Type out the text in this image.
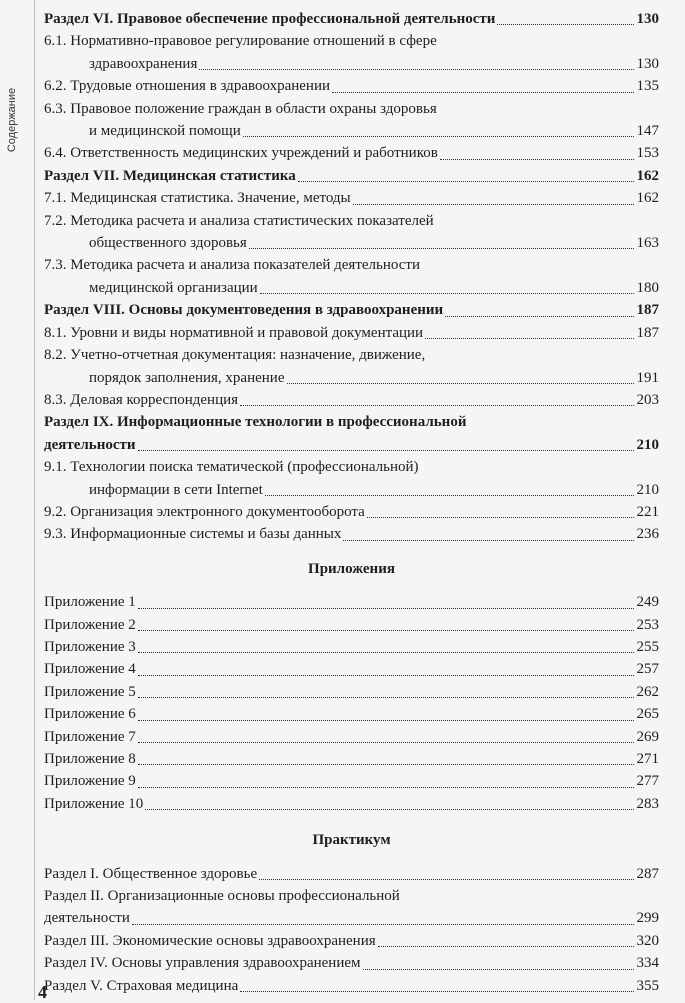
Содержание
Раздел VI. Правовое обеспечение профессиональной деятельности	130
6.1. Нормативно-правовое регулирование отношений в сфере
здравоохранения	130
6.2. Трудовые отношения в здравоохранении	135
6.3. Правовое положение граждан в области охраны здоровья
и медицинской помощи	147
6.4. Ответственность медицинских учреждений и работников	153
Раздел VII. Медицинская статистика	162
7.1. Медицинская статистика. Значение, методы	162
7.2. Методика расчета и анализа статистических показателей
общественного здоровья	163
7.3. Методика расчета и анализа показателей деятельности
медицинской организации	180
Раздел VIII. Основы документоведения в здравоохранении	187
8.1. Уровни и виды нормативной и правовой документации	187
8.2. Учетно-отчетная документация: назначение, движение,
порядок заполнения, хранение	191
8.3. Деловая корреспонденция	203
Раздел IX. Информационные технологии в профессиональной
деятельности	210
9.1. Технологии поиска тематической (профессиональной)
информации в сети Internet	210
9.2. Организация электронного документооборота	221
9.3. Информационные системы и базы данных	236
Приложения
Приложение 1	249
Приложение 2	253
Приложение 3	255
Приложение 4	257
Приложение 5	262
Приложение 6	265
Приложение 7	269
Приложение 8	271
Приложение 9	277
Приложение 10	283
Практикум
Раздел I. Общественное здоровье	287
Раздел II. Организационные основы профессиональной
деятельности	299
Раздел III. Экономические основы здравоохранения	320
Раздел IV. Основы управления здравоохранением	334
Раздел V. Страховая медицина	355
4
